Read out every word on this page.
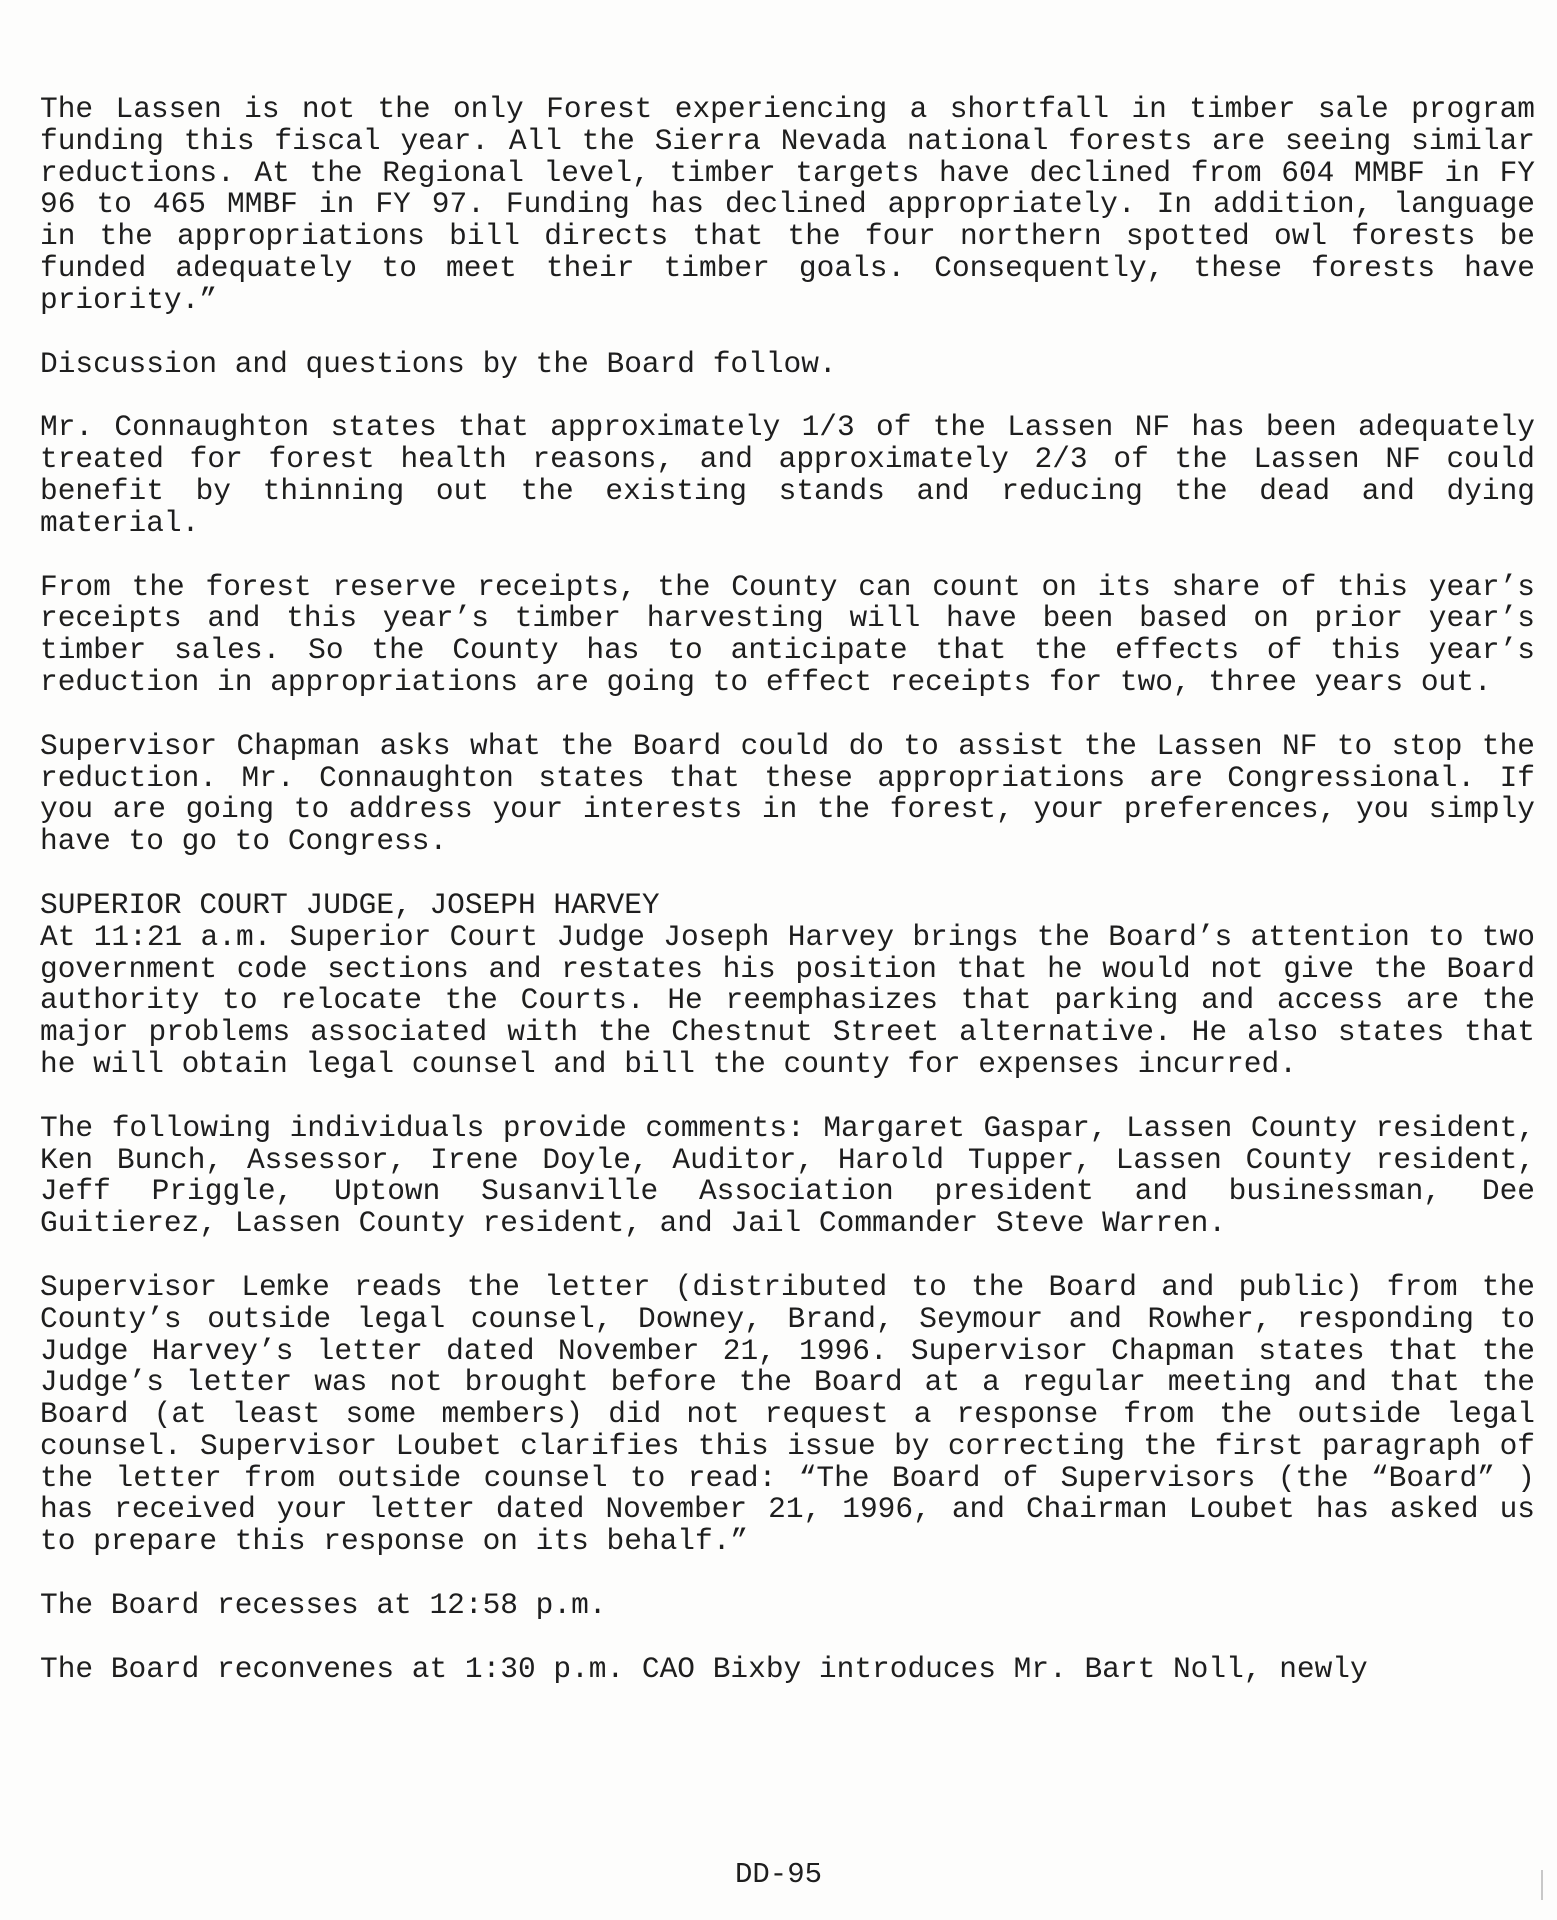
The Lassen is not the only Forest experiencing a shortfall in timber sale program funding this fiscal year. All the Sierra Nevada national forests are seeing similar reductions. At the Regional level, timber targets have declined from 604 MMBF in FY 96 to 465 MMBF in FY 97. Funding has declined appropriately. In addition, language in the appropriations bill directs that the four northern spotted owl forests be funded adequately to meet their timber goals. Consequently, these forests have priority.”

Discussion and questions by the Board follow.

Mr. Connaughton states that approximately 1/3 of the Lassen NF has been adequately treated for forest health reasons, and approximately 2/3 of the Lassen NF could benefit by thinning out the existing stands and reducing the dead and dying material.

From the forest reserve receipts, the County can count on its share of this year’s receipts and this year’s timber harvesting will have been based on prior year’s timber sales. So the County has to anticipate that the effects of this year’s reduction in appropriations are going to effect receipts for two, three years out.

Supervisor Chapman asks what the Board could do to assist the Lassen NF to stop the reduction. Mr. Connaughton states that these appropriations are Congressional. If you are going to address your interests in the forest, your preferences, you simply have to go to Congress.

SUPERIOR COURT JUDGE, JOSEPH HARVEY

At 11:21 a.m. Superior Court Judge Joseph Harvey brings the Board’s attention to two government code sections and restates his position that he would not give the Board authority to relocate the Courts. He reemphasizes that parking and access are the major problems associated with the Chestnut Street alternative. He also states that he will obtain legal counsel and bill the county for expenses incurred.

The following individuals provide comments: Margaret Gaspar, Lassen County resident, Ken Bunch, Assessor, Irene Doyle, Auditor, Harold Tupper, Lassen County resident, Jeff Priggle, Uptown Susanville Association president and businessman, Dee Guitierez, Lassen County resident, and Jail Commander Steve Warren.

Supervisor Lemke reads the letter (distributed to the Board and public) from the County’s outside legal counsel, Downey, Brand, Seymour and Rowher, responding to Judge Harvey’s letter dated November 21, 1996. Supervisor Chapman states that the Judge’s letter was not brought before the Board at a regular meeting and that the Board (at least some members) did not request a response from the outside legal counsel. Supervisor Loubet clarifies this issue by correcting the first paragraph of the letter from outside counsel to read: “The Board of Supervisors (the “Board” ) has received your letter dated November 21, 1996, and Chairman Loubet has asked us to prepare this response on its behalf.”

The Board recesses at 12:58 p.m.

The Board reconvenes at 1:30 p.m. CAO Bixby introduces Mr. Bart Noll, newly

DD-95
